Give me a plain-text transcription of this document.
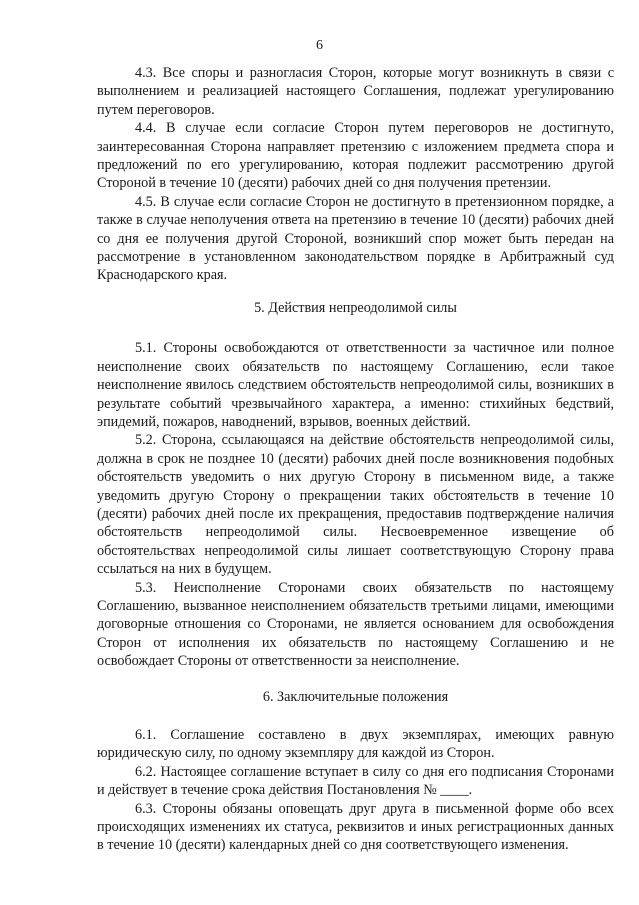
6

4.3. Все споры и разногласия Сторон, которые могут возникнуть в связи с выполнением и реализацией настоящего Соглашения, подлежат урегулированию путем переговоров.

4.4. В случае если согласие Сторон путем переговоров не достигнуто, заинтересованная Сторона направляет претензию с изложением предмета спора и предложений по его урегулированию, которая подлежит рассмотрению другой Стороной в течение 10 (десяти) рабочих дней со дня получения претензии.

4.5. В случае если согласие Сторон не достигнуто в претензионном порядке, а также в случае неполучения ответа на претензию в течение 10 (десяти) рабочих дней со дня ее получения другой Стороной, возникший спор может быть передан на рассмотрение в установленном законодательством порядке в Арбитражный суд Краснодарского края.

5. Действия непреодолимой силы

5.1. Стороны освобождаются от ответственности за частичное или полное неисполнение своих обязательств по настоящему Соглашению, если такое неисполнение явилось следствием обстоятельств непреодолимой силы, возникших в результате событий чрезвычайного характера, а именно: стихийных бедствий, эпидемий, пожаров, наводнений, взрывов, военных действий.

5.2. Сторона, ссылающаяся на действие обстоятельств непреодолимой силы, должна в срок не позднее 10 (десяти) рабочих дней после возникновения подобных обстоятельств уведомить о них другую Сторону в письменном виде, а также уведомить другую Сторону о прекращении таких обстоятельств в течение 10 (десяти) рабочих дней после их прекращения, предоставив подтверждение наличия обстоятельств непреодолимой силы. Несвоевременное извещение об обстоятельствах непреодолимой силы лишает соответствующую Сторону права ссылаться на них в будущем.

5.3. Неисполнение Сторонами своих обязательств по настоящему Соглашению, вызванное неисполнением обязательств третьими лицами, имеющими договорные отношения со Сторонами, не является основанием для освобождения Сторон от исполнения их обязательств по настоящему Соглашению и не освобождает Стороны от ответственности за неисполнение.

6. Заключительные положения

6.1. Соглашение составлено в двух экземплярах, имеющих равную юридическую силу, по одному экземпляру для каждой из Сторон.

6.2. Настоящее соглашение вступает в силу со дня его подписания Сторонами и действует в течение срока действия Постановления № ____.

6.3. Стороны обязаны оповещать друг друга в письменной форме обо всех происходящих изменениях их статуса, реквизитов и иных регистрационных данных в течение 10 (десяти) календарных дней со дня соответствующего изменения.
